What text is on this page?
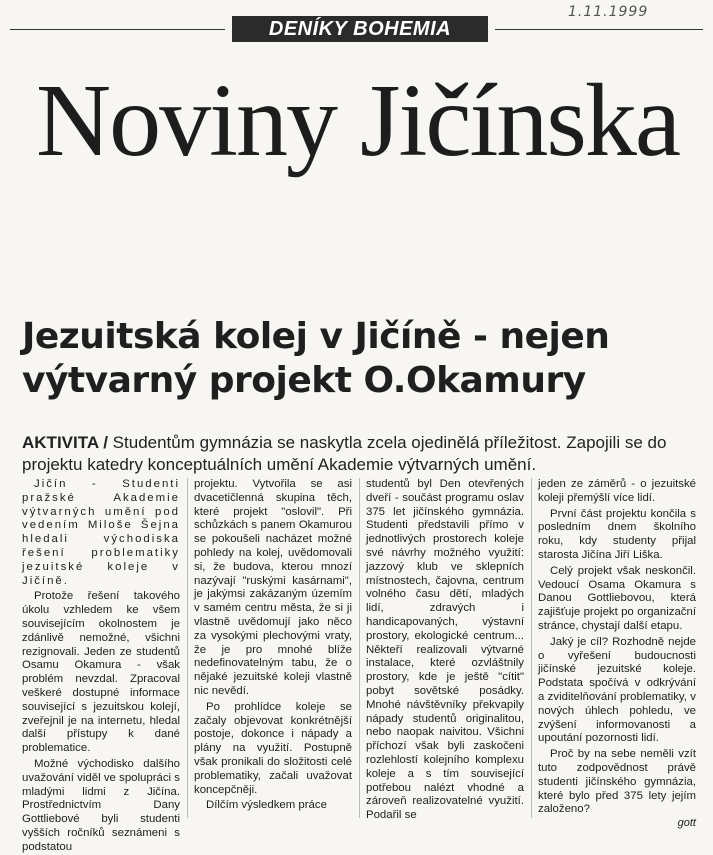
1.11.1999
DENÍKY BOHEMIA
Noviny Jičínska
Jezuitská kolej v Jičíně - nejen výtvarný projekt O.Okamury
AKTIVITA / Studentům gymnázia se naskytla zcela ojedinělá příležitost. Zapojili se do projektu katedry konceptuálních umění Akademie výtvarných umění.

Jičín - Studenti pražské Akademie výtvarných umění pod vedením Miloše Šejna hledali východiska řešení problematiky jezuitské koleje v Jičíně.

Protože řešení takového úkolu vzhledem ke všem souvisejícím okolnostem je zdánlivě nemožné, všichni rezignovali. Jeden ze studentů Osamu Okamura - však problém nevzdal. Zpracoval veškeré dostupné informace související s jezuitskou kolejí, zveřejnil je na internetu, hledal další přístupy k dané problematice.

Možné východisko dalšího uvažování viděl ve spolupráci s mladými lidmi z Jičína. Prostřednictvím Dany Gottliebové byli studenti vyšších ročníků seznámeni s podstatou

projektu. Vytvořila se asi dvacetičlenná skupina těch, které projekt "oslovil". Při schůzkách s panem Okamurou se pokoušeli nacházet možné pohledy na kolej, uvědomovali si, že budova, kterou mnozí nazývají "ruskými kasárnami", je jakýmsi zakázaným územím v samém centru města, že si ji vlastně uvědomují jako něco za vysokými plechovými vraty, že je pro mnohé blíže nedefinovatelným tabu, že o nějaké jezuitské koleji vlastně nic nevědí.

Po prohlídce koleje se začaly objevovat konkrétnější postoje, dokonce i nápady a plány na využití. Postupně však pronikali do složitosti celé problematiky, začali uvažovat koncepčněji.

Dílčím výsledkem práce

studentů byl Den otevřených dveří - součást programu oslav 375 let jičínského gymnázia. Studenti představili přímo v jednotlivých prostorech koleje své návrhy možného využití: jazzový klub ve sklepních místnostech, čajovna, centrum volného času dětí, mladých lidí, zdravých i handicapovaných, výstavní prostory, ekologické centrum... Někteří realizovali výtvarné instalace, které ozvláštnily prostory, kde je ještě "cítit" pobyt sovětské posádky. Mnohé návštěvníky překvapily nápady studentů originalitou, nebo naopak naivitou. Všichni příchozí však byli zaskočeni rozlehlostí kolejního komplexu koleje a s tím související potřebou nalézt vhodné a zároveň realizovatelné využití. Podařil se

jeden ze záměrů - o jezuitské koleji přemýšlí více lidí.

První část projektu končila s posledním dnem školního roku, kdy studenty přijal starosta Jičína Jiří Liška.

Celý projekt však neskončil. Vedoucí Osama Okamura s Danou Gottliebovou, která zajišťuje projekt po organizační stránce, chystají další etapu.

Jaký je cíl? Rozhodně nejde o vyřešení budoucnosti jičínské jezuitské koleje. Podstata spočívá v odkrývání a zviditelňování problematiky, v nových úhlech pohledu, ve zvýšení informovanosti a upoutání pozornosti lidí.

Proč by na sebe neměli vzít tuto zodpovědnost právě studenti jičínského gymnázia, které bylo před 375 lety jejím založeno?

gott
